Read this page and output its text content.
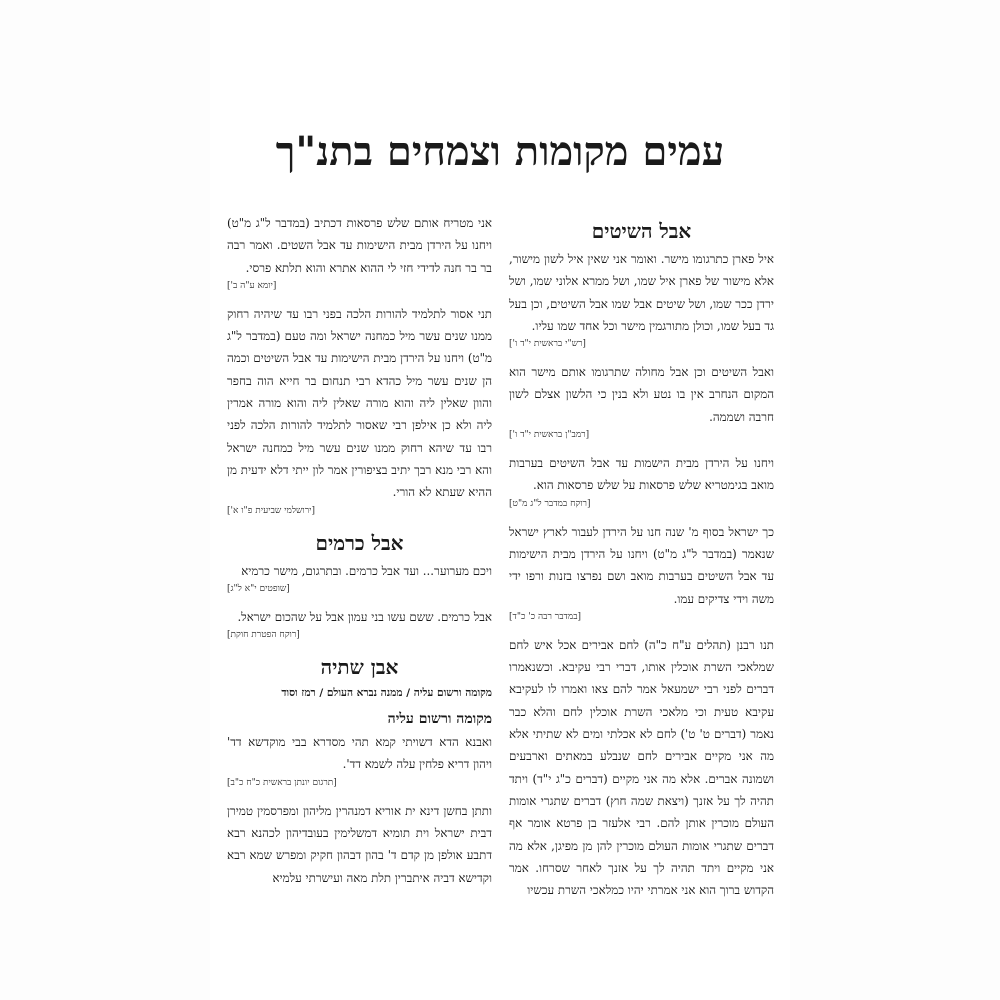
עמים מקומות וצמחים בתנ"ך
אבל השיטים

איל פארן כתרגומו מישר. ואומר אני שאין איל לשון מישור, אלא מישור של פארן איל שמו, ושל ממרא אלוני שמו, ושל ירדן ככר שמו, ושל שיטים אבל שמו אבל השיטים, וכן בעל גד בעל שמו, וכולן מתורגמין מישר וכל אחד שמו עליו.

[רש"י בראשית י"ד ו']

ואבל השיטים וכן אבל מחולה שתרגומו אותם מישר הוא המקום הנחרב אין בו נטע ולא בנין כי הלשון אצלם לשון חרבה ושממה.

[רמב"ן בראשית י"ד ו']

ויחנו על הירדן מבית הישמות עד אבל השיטים בערבות מואב בגימטריא שלש פרסאות על שלש פרסאות הוא.

[רוקח במדבר ל"ג מ"ט]

כך ישראל בסוף מ' שנה חנו על הירדן לעבור לארץ ישראל שנאמר (במדבר ל"ג מ"ט) ויחנו על הירדן מבית הישימות עד אבל השיטים בערבות מואב ושם נפרצו בזנות ורפו ידי משה וידי צדיקים עמו.

[במדבר רבה כ' כ"ד]

תנו רבנן (תהלים ע"ח כ"ה) לחם אבירים אכל איש לחם שמלאכי השרת אוכלין אותו, דברי רבי עקיבא. וכשנאמרו דברים לפני רבי ישמעאל אמר להם צאו ואמרו לו לעקיבא עקיבא טעית וכי מלאכי השרת אוכלין לחם והלא כבר נאמר (דברים ט' ט') לחם לא אכלתי ומים לא שתיתי אלא מה אני מקיים אבירים לחם שנבלע במאתים וארבעים ושמונה אברים. אלא מה אני מקיים (דברים כ"ג י"ד) ויתד תהיה לך על אזנך (ויצאת שמה חוץ) דברים שתגרי אומות העולם מוכרין אותן להם. רבי אלעזר בן פרטא אומר אף דברים שתגרי אומות העולם מוכרין להן מן מפיגן, אלא מה אני מקיים ויתד תהיה לך על אזנך לאחר שסרחו. אמר הקדוש ברוך הוא אני אמרתי יהיו כמלאכי השרת עכשיו

אני מטריח אותם שלש פרסאות דכתיב (במדבר ל"ג מ"ט) ויחנו על הירדן מבית הישימות עד אבל השטים. ואמר רבה בר בר חנה לדידי חזי לי ההוא אתרא והוא תלתא פרסי.

[יומא ע"ה ב']

תני אסור לתלמיד להורות הלכה בפני רבו עד שיהיה רחוק ממנו שנים עשר מיל כמחנה ישראל ומה טעם (במדבר ל"ג מ"ט) ויחנו על הירדן מבית הישימות עד אבל השיטים וכמה הן שנים עשר מיל כהדא רבי תנחום בר חייא הוה בחפר והוון שאלין ליה והוא מורה שאלין ליה והוא מורה אמרין ליה ולא כן אילפן רבי שאסור לתלמיד להורות הלכה לפני רבו עד שיהא רחוק ממנו שנים עשר מיל כמחנה ישראל והא רבי מנא רבך יתיב בציפורין אמר לון ייתי דלא ידעית מן ההיא שעתא לא הורי.

[ירושלמי שביעית פ"ו א']
אבל כרמים

ויכם מערוער... ועד אבל כרמים. ובתרגום, מישר כרמיא

[שופטים י"א ל"ג]

אבל כרמים. ששם עשו בני עמון אבל על שהכום ישראל.

[רוקח הפטרת חוקת]
אבן שתיה
מקומה ורשום עליה / ממנה נברא העולם / רמז וסוד
מקומה ורשום עליה

ואבנא הדא דשויתי קמא תהי מסדרא בבי מוקדשא דד' ויהון דריא פלחין עלה לשמא דד'.

[תרגום יונתן בראשית כ"ח כ"ב]

ותתן בחשן דינא ית אוריא דמנהרין מליהון ומפרסמין טמירן דבית ישראל וית תומיא דמשלימין בעובדיהון לכהנא רבא דתבע אולפן מן קדם ד' בהון דבהון חקיק ומפרש שמא רבא וקדישא דביה איתברין תלת מאה ועישרתי עלמיא
